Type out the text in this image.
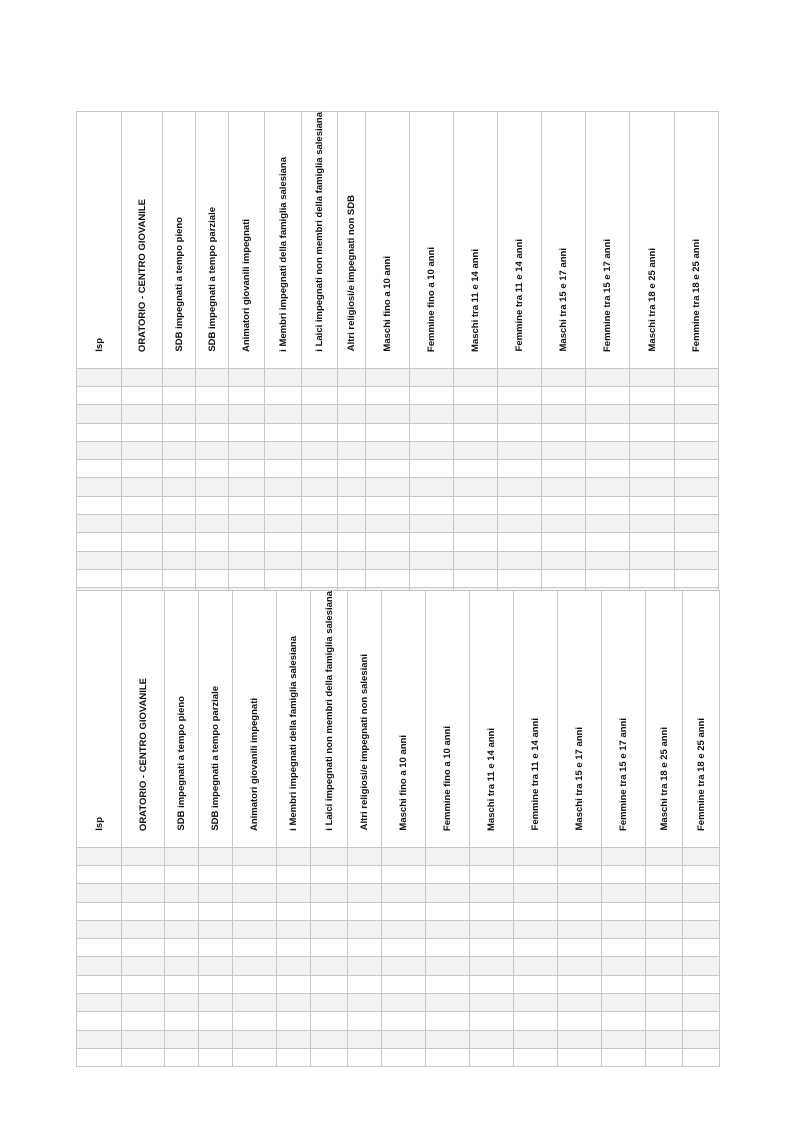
Isp	ORATORIO - CENTRO GIOVANILE	SDB impegnati a tempo pieno	SDB impegnati a tempo parziale	Animatori giovanili impegnati	i Membri impegnati della famiglia salesiana	i Laici impegnati non membri della famiglia salesiana	Altri religiosi/e impegnati non SDB	Maschi fino a 10 anni	Femmine fino a 10 anni	Maschi tra 11 e 14 anni	Femmine tra 11 e 14 anni	Maschi tra 15 e 17 anni	Femmine tra 15 e 17 anni	Maschi tra 18 e 25 anni	Femmine tra 18 e 25 anni

Isp	ORATORIO - CENTRO GIOVANILE	SDB impegnati a tempo pieno	SDB impegnati a tempo parziale	Animatori giovanili impegnati	i Membri impegnati della famiglia salesiana	i Laici impegnati non membri della famiglia salesiana	Altri religiosi/e impegnati non salesiani	Maschi fino a 10 anni	Femmine fino a 10 anni	Maschi tra 11 e 14 anni	Femmine tra 11 e 14 anni	Maschi tra 15 e 17 anni	Femmine tra 15 e 17 anni	Maschi tra 18 e 25 anni	Femmine tra 18 e 25 anni
